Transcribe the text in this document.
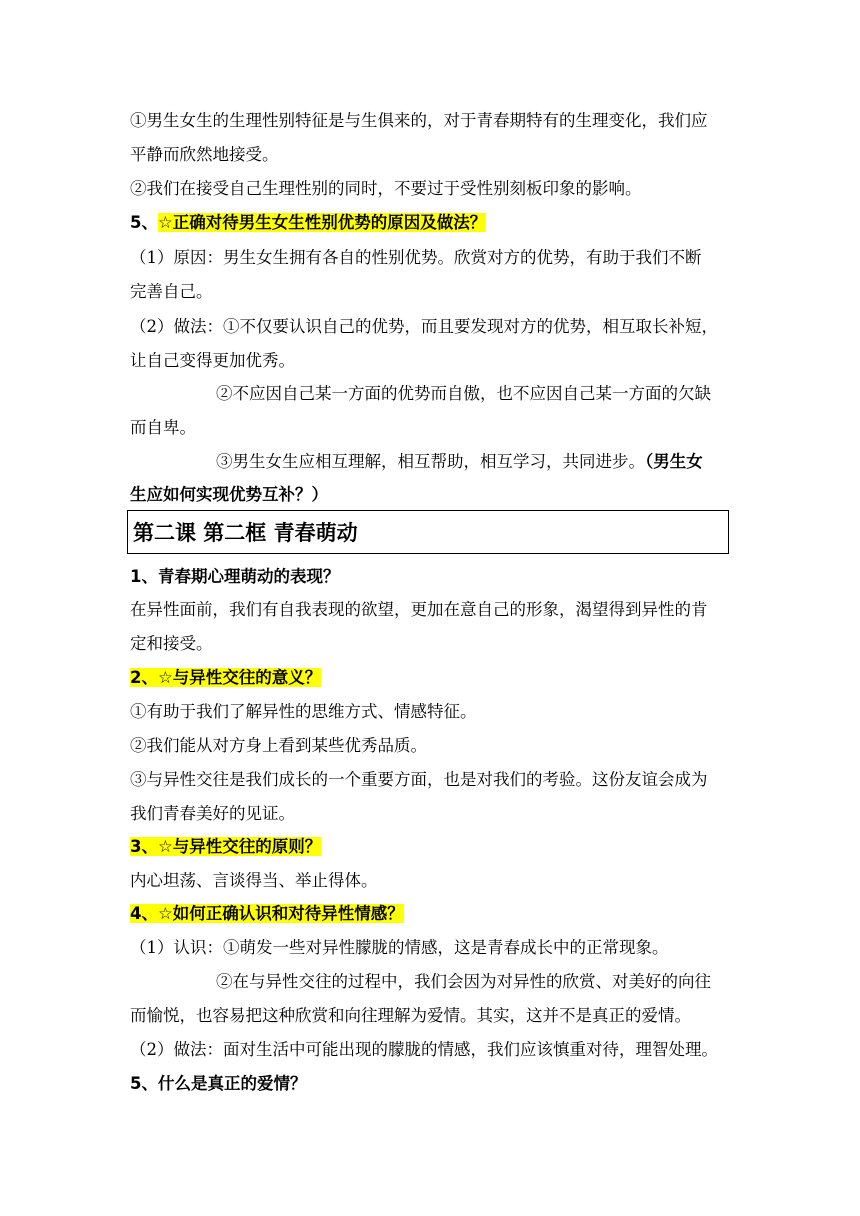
①男生女生的生理性别特征是与生俱来的，对于青春期特有的生理变化，我们应
平静而欣然地接受。
②我们在接受自己生理性别的同时，不要过于受性别刻板印象的影响。
5、☆正确对待男生女生性别优势的原因及做法？
（1）原因：男生女生拥有各自的性别优势。欣赏对方的优势，有助于我们不断
完善自己。
（2）做法：①不仅要认识自己的优势，而且要发现对方的优势，相互取长补短，
让自己变得更加优秀。
②不应因自己某一方面的优势而自傲，也不应因自己某一方面的欠缺
而自卑。
③男生女生应相互理解，相互帮助，相互学习，共同进步。（男生女
生应如何实现优势互补？）
第二课 第二框 青春萌动
1、青春期心理萌动的表现？
在异性面前，我们有自我表现的欲望，更加在意自己的形象，渴望得到异性的肯
定和接受。
2、☆与异性交往的意义？
①有助于我们了解异性的思维方式、情感特征。
②我们能从对方身上看到某些优秀品质。
③与异性交往是我们成长的一个重要方面，也是对我们的考验。这份友谊会成为
我们青春美好的见证。
3、☆与异性交往的原则？
内心坦荡、言谈得当、举止得体。
4、☆如何正确认识和对待异性情感？
（1）认识：①萌发一些对异性朦胧的情感，这是青春成长中的正常现象。
②在与异性交往的过程中，我们会因为对异性的欣赏、对美好的向往
而愉悦，也容易把这种欣赏和向往理解为爱情。其实，这并不是真正的爱情。
（2）做法：面对生活中可能出现的朦胧的情感，我们应该慎重对待，理智处理。
5、什么是真正的爱情？
